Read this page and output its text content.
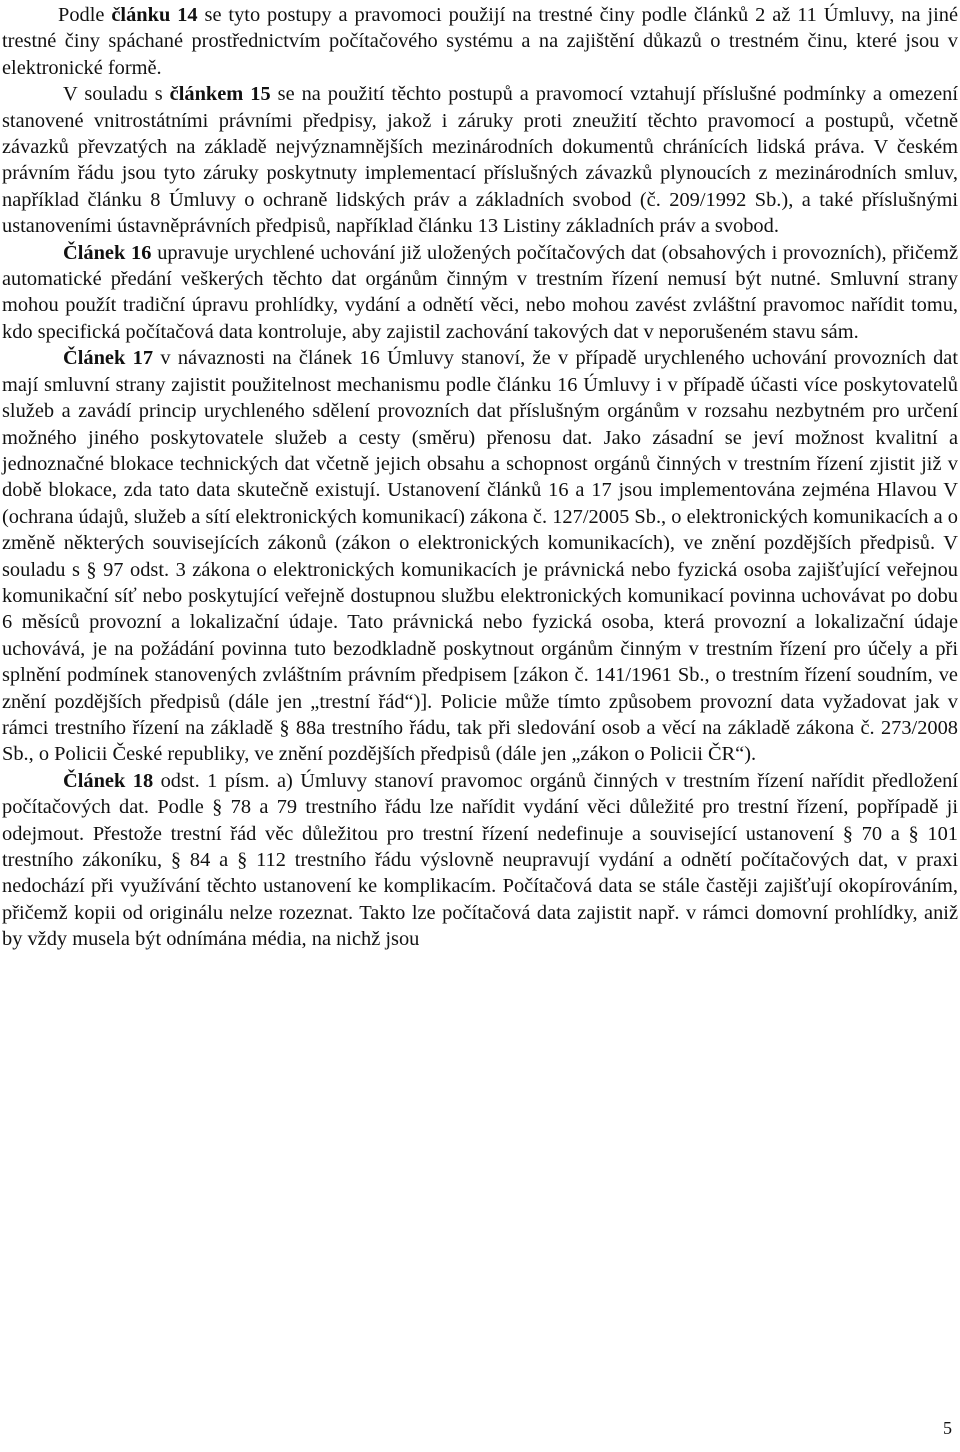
Podle článku 14 se tyto postupy a pravomoci použijí na trestné činy podle článků 2 až 11 Úmluvy, na jiné trestné činy spáchané prostřednictvím počítačového systému a na zajištění důkazů o trestném činu, které jsou v elektronické formě.

V souladu s článkem 15 se na použití těchto postupů a pravomocí vztahují příslušné podmínky a omezení stanovené vnitrostátními právními předpisy, jakož i záruky proti zneužití těchto pravomocí a postupů, včetně závazků převzatých na základě nejvýznamnějších mezinárodních dokumentů chránících lidská práva. V českém právním řádu jsou tyto záruky poskytnuty implementací příslušných závazků plynoucích z mezinárodních smluv, například článku 8 Úmluvy o ochraně lidských práv a základních svobod (č. 209/1992 Sb.), a také příslušnými ustanoveními ústavněprávních předpisů, například článku 13 Listiny základních práv a svobod.

Článek 16 upravuje urychlené uchování již uložených počítačových dat (obsahových i provozních), přičemž automatické předání veškerých těchto dat orgánům činným v trestním řízení nemusí být nutné. Smluvní strany mohou použít tradiční úpravu prohlídky, vydání a odnětí věci, nebo mohou zavést zvláštní pravomoc nařídit tomu, kdo specifická počítačová data kontroluje, aby zajistil zachování takových dat v neporušeném stavu sám.

Článek 17 v návaznosti na článek 16 Úmluvy stanoví, že v případě urychleného uchování provozních dat mají smluvní strany zajistit použitelnost mechanismu podle článku 16 Úmluvy i v případě účasti více poskytovatelů služeb a zavádí princip urychleného sdělení provozních dat příslušným orgánům v rozsahu nezbytném pro určení možného jiného poskytovatele služeb a cesty (směru) přenosu dat. Jako zásadní se jeví možnost kvalitní a jednoznačné blokace technických dat včetně jejich obsahu a schopnost orgánů činných v trestním řízení zjistit již v době blokace, zda tato data skutečně existují. Ustanovení článků 16 a 17 jsou implementována zejména Hlavou V (ochrana údajů, služeb a sítí elektronických komunikací) zákona č. 127/2005 Sb., o elektronických komunikacích a o změně některých souvisejících zákonů (zákon o elektronických komunikacích), ve znění pozdějších předpisů. V souladu s § 97 odst. 3 zákona o elektronických komunikacích je právnická nebo fyzická osoba zajišťující veřejnou komunikační síť nebo poskytující veřejně dostupnou službu elektronických komunikací povinna uchovávat po dobu 6 měsíců provozní a lokalizační údaje. Tato právnická nebo fyzická osoba, která provozní a lokalizační údaje uchovává, je na požádání povinna tuto bezodkladně poskytnout orgánům činným v trestním řízení pro účely a při splnění podmínek stanovených zvláštním právním předpisem [zákon č. 141/1961 Sb., o trestním řízení soudním, ve znění pozdějších předpisů (dále jen „trestní řád“)]. Policie může tímto způsobem provozní data vyžadovat jak v rámci trestního řízení na základě § 88a trestního řádu, tak při sledování osob a věcí na základě zákona č. 273/2008 Sb., o Policii České republiky, ve znění pozdějších předpisů (dále jen „zákon o Policii ČR“).

Článek 18 odst. 1 písm. a) Úmluvy stanoví pravomoc orgánů činných v trestním řízení nařídit předložení počítačových dat. Podle § 78 a 79 trestního řádu lze nařídit vydání věci důležité pro trestní řízení, popřípadě ji odejmout. Přestože trestní řád věc důležitou pro trestní řízení nedefinuje a související ustanovení § 70 a § 101 trestního zákoníku, § 84 a § 112 trestního řádu výslovně neupravují vydání a odnětí počítačových dat, v praxi nedochází při využívání těchto ustanovení ke komplikacím. Počítačová data se stále častěji zajišťují okopírováním, přičemž kopii od originálu nelze rozeznat. Takto lze počítačová data zajistit např. v rámci domovní prohlídky, aniž by vždy musela být odnímána média, na nichž jsou

5
